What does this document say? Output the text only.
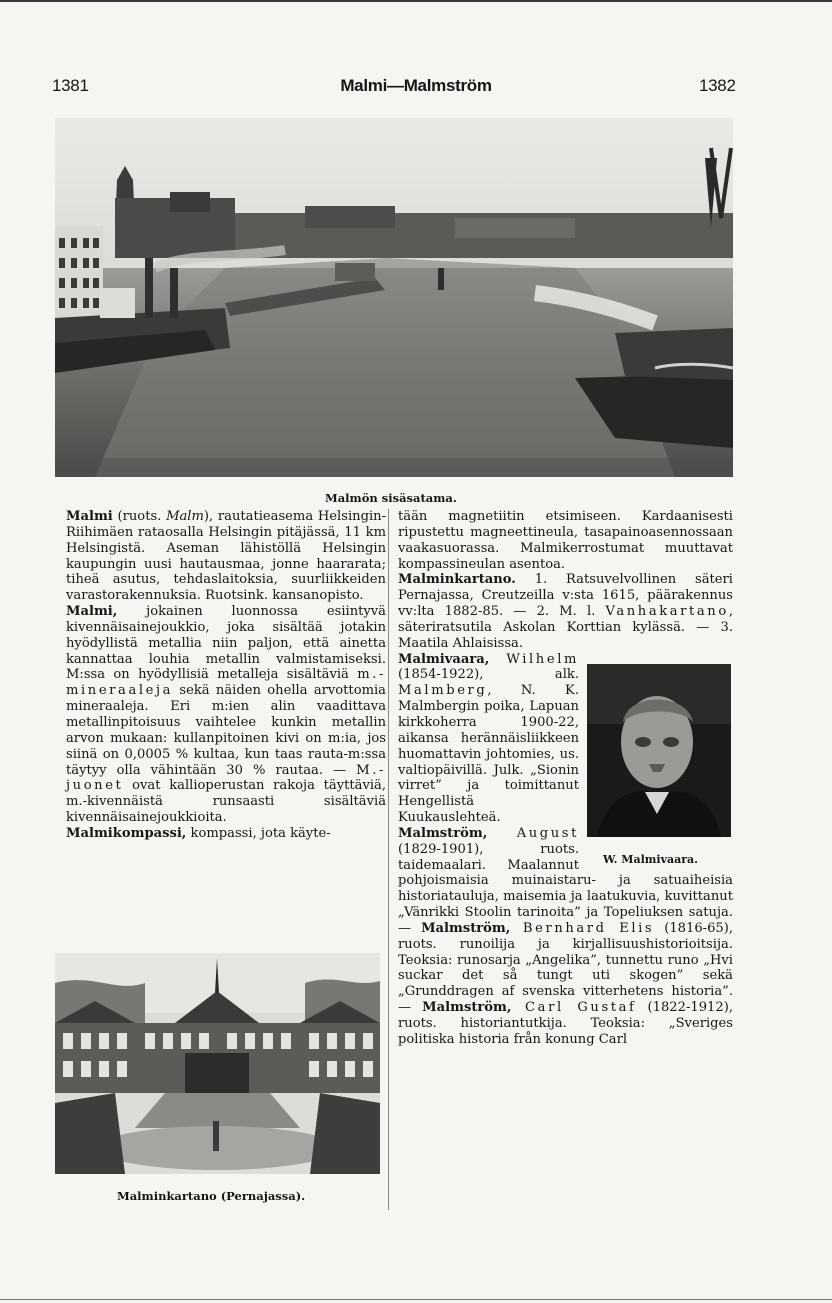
1381	Malmi—Malmström	1382
Malmön sisäsatama.

Malmi (ruots. Malm), rautatieasema Helsingin-Riihimäen rataosalla Helsingin pitäjässä, 11 km Helsingistä. Aseman lähistöllä Helsingin kaupungin uusi hautausmaa, jonne haararata; tiheä asutus, tehdaslaitoksia, suurliikkeiden varastorakennuksia. Ruotsink. kansanopisto.

Malmi, jokainen luonnossa esiintyvä kivennäisainejoukkio, joka sisältää jotakin hyödyllistä metallia niin paljon, että ainetta kannattaa louhia metallin valmistamiseksi. M:ssa on hyödyllisiä metalleja sisältäviä m.-mineraaleja sekä näiden ohella arvottomia mineraaleja. Eri m:ien alin vaadittava metallinpitoisuus vaihtelee kunkin metallin arvon mukaan: kullanpitoinen kivi on m:ia, jos siinä on 0,0005 % kultaa, kun taas rauta-m:ssa täytyy olla vähintään 30 % rautaa. — M.-juonet ovat kallioperustan rakoja täyttäviä, m.-kivennäistä runsaasti sisältäviä kivennäisainejoukkioita.

Malmikompassi, kompassi, jota käyte-

Malminkartano (Pernajassa).

tään magnetiitin etsimiseen. Kardaanisesti ripustettu magneettineula, tasapainoasennossaan vaakasuorassa. Malmikerrostumat muuttavat kompassineulan asentoa.

Malminkartano. 1. Ratsuvelvollinen säteri Pernajassa, Creutzeilla v:sta 1615, päärakennus vv:lta 1882-85. — 2. M. l. Vanhakartano, säteriratsutila Askolan Korttian kylässä. — 3. Maatila Ahlaisissa.

W. Malmivaara.

Malmivaara, Wilhelm (1854-1922), alk. Malmberg, N. K. Malmbergin poika, Lapuan kirkkoherra 1900-22, aikansa herännäisliikkeen huomattavin johtomies, us. valtiopäivillä. Julk. „Sionin virret” ja toimittanut Hengellistä Kuukauslehteä.

Malmström, August (1829-1901), ruots. taidemaalari. Maalannut pohjoismaisia muinaistaru- ja satuaiheisia historiatauluja, maisemia ja laatukuvia, kuvittanut „Vänrikki Stoolin tarinoita” ja Topeliuksen satuja. — Malmström, Bernhard Elis (1816-65), ruots. runoilija ja kirjallisuushistorioitsija. Teoksia: runosarja „Angelika”, tunnettu runo „Hvi suckar det så tungt uti skogen” sekä „Grunddragen af svenska vitterhetens historia”. — Malmström, Carl Gustaf (1822-1912), ruots. historiantutkija. Teoksia: „Sveriges politiska historia från konung Carl
